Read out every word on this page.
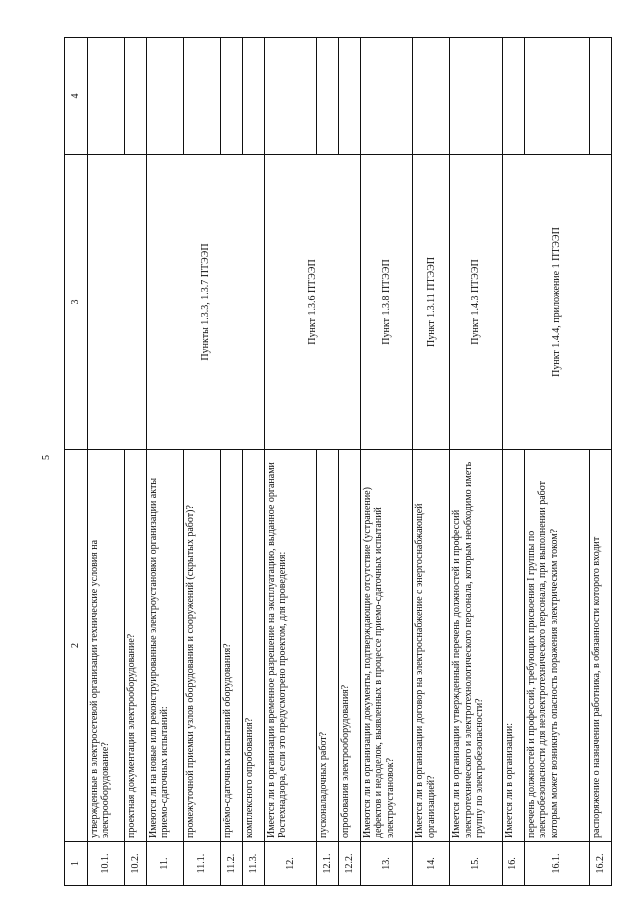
5
1	2	3	4
10.1.	утвержденные в электросетевой организации технические условия на электрооборудование?		
10.2.	проектная документация электрооборудование?		
11.	Имеются ли на новые или реконструированные электроустановки организации акты приемо-сдаточных испытаний:	Пункты 1.3.3, 1.3.7 ПТЭЭП	
11.1.	промежуточной приемки узлов оборудования и сооружений (скрытых работ)?		
11.2.	приёмо-сдаточных испытаний оборудования?		
11.3.	комплексного опробования?		
12.	Имеется ли в организации временное разрешение на эксплуатацию, выданное органами Ростехнадзора, если это предусмотрено проектом, для проведения:	Пункт 1.3.6 ПТЭЭП	
12.1.	пусконаладочных работ?		
12.2.	опробования электрооборудования?		
13.	Имеются ли в организации документы, подтверждающие отсутствие (устранение) дефектов и недоделок, выявленных в процессе приемо-сдаточных испытаний электроустановок?	Пункт 1.3.8 ПТЭЭП	
14.	Имеется ли в организации договор на электроснабжение с энергоснабжающей организацией?	Пункт 1.3.11 ПТЭЭП	
15.	Имеется ли в организации утвержденный перечень должностей и профессий электротехнического и электротехнологического персонала, которым необходимо иметь группу по электробезопасности?	Пункт 1.4.3 ПТЭЭП	
16.	Имеется ли в организации:	Пункт 1.4.4, приложение 1 ПТЭЭП	
16.1.	перечень должностей и профессий, требующих присвоения I группы по электробезопасности для неэлектротехнического персонала, при выполнении работ которым может возникнуть опасность поражения электрическим током?		
16.2.	распоряжение о назначении работника, в обязанности которого входит		
